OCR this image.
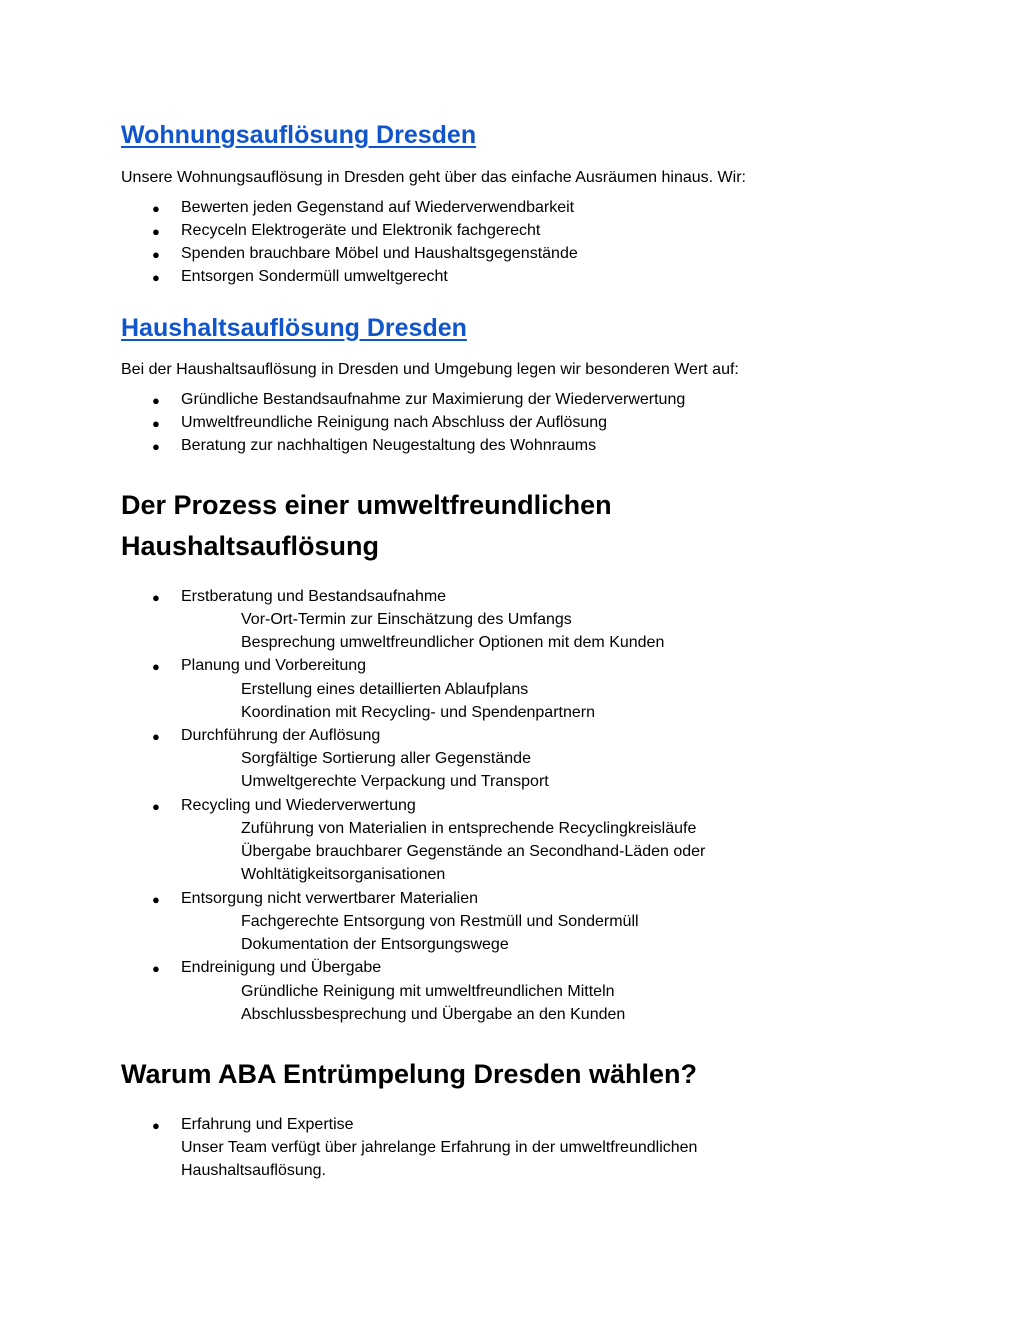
Wohnungsauflösung Dresden
Unsere Wohnungsauflösung in Dresden geht über das einfache Ausräumen hinaus. Wir:
● Bewerten jeden Gegenstand auf Wiederverwendbarkeit
● Recyceln Elektrogeräte und Elektronik fachgerecht
● Spenden brauchbare Möbel und Haushaltsgegenstände
● Entsorgen Sondermüll umweltgerecht
Haushaltsauflösung Dresden
Bei der Haushaltsauflösung in Dresden und Umgebung legen wir besonderen Wert auf:
● Gründliche Bestandsaufnahme zur Maximierung der Wiederverwertung
● Umweltfreundliche Reinigung nach Abschluss der Auflösung
● Beratung zur nachhaltigen Neugestaltung des Wohnraums
Der Prozess einer umweltfreundlichen
Haushaltsauflösung
● Erstberatung und Bestandsaufnahme
Vor-Ort-Termin zur Einschätzung des Umfangs
Besprechung umweltfreundlicher Optionen mit dem Kunden
● Planung und Vorbereitung
Erstellung eines detaillierten Ablaufplans
Koordination mit Recycling- und Spendenpartnern
● Durchführung der Auflösung
Sorgfältige Sortierung aller Gegenstände
Umweltgerechte Verpackung und Transport
● Recycling und Wiederverwertung
Zuführung von Materialien in entsprechende Recyclingkreisläufe
Übergabe brauchbarer Gegenstände an Secondhand-Läden oder
Wohltätigkeitsorganisationen
● Entsorgung nicht verwertbarer Materialien
Fachgerechte Entsorgung von Restmüll und Sondermüll
Dokumentation der Entsorgungswege
● Endreinigung und Übergabe
Gründliche Reinigung mit umweltfreundlichen Mitteln
Abschlussbesprechung und Übergabe an den Kunden
Warum ABA Entrümpelung Dresden wählen?
● Erfahrung und Expertise
Unser Team verfügt über jahrelange Erfahrung in der umweltfreundlichen Haushaltsauflösung.
